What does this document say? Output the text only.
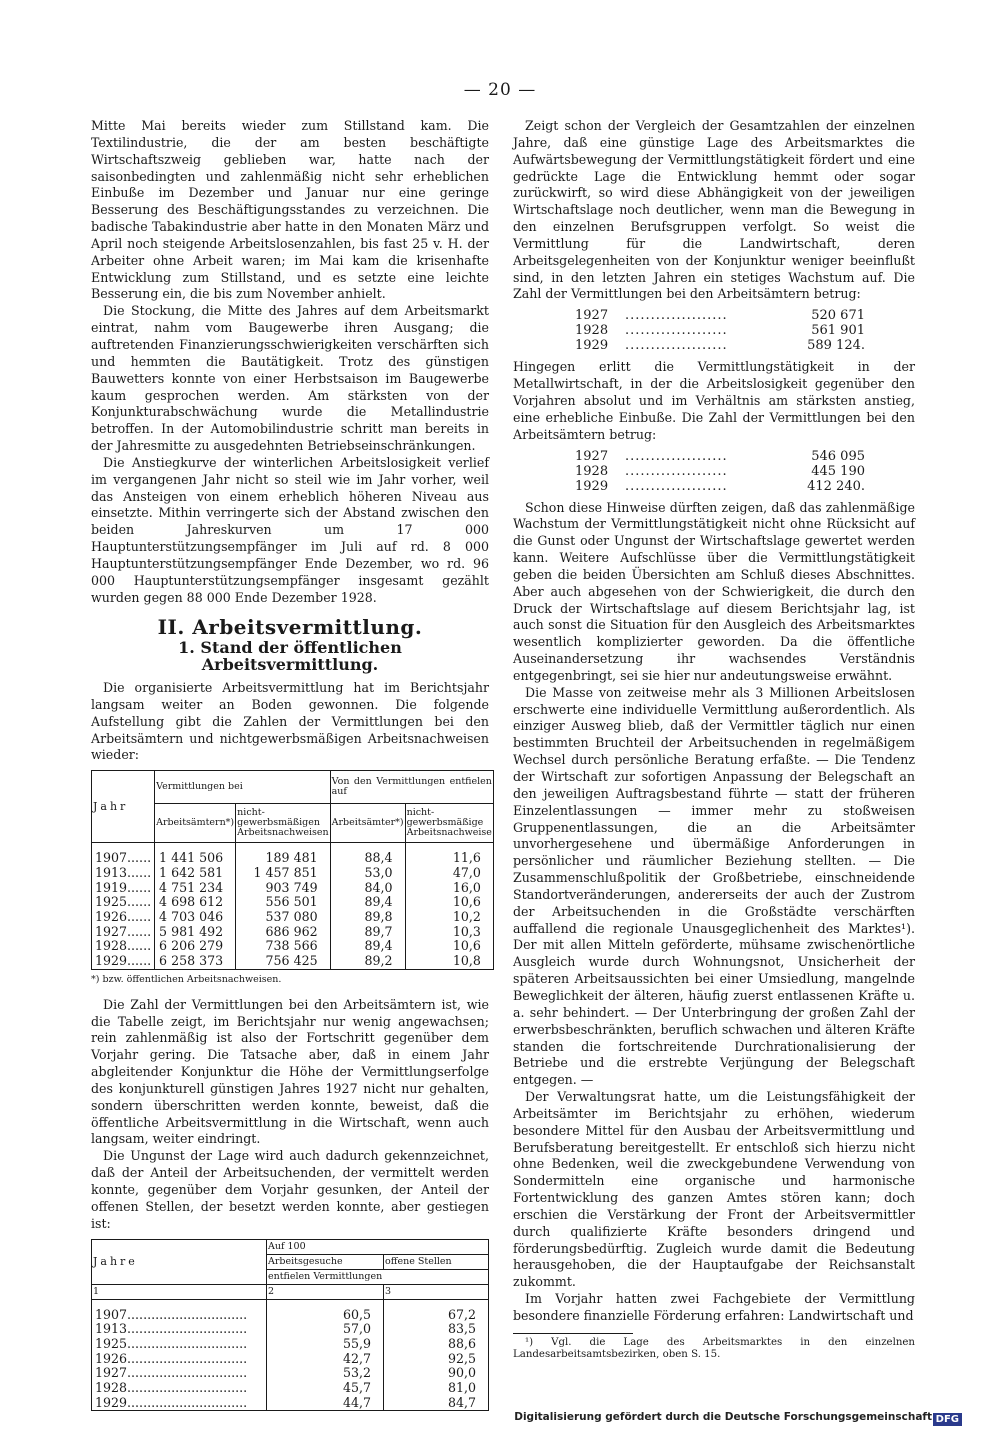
— 20 —

Mitte Mai bereits wieder zum Stillstand kam. Die Textilindustrie, die der am besten beschäftigte Wirtschaftszweig geblieben war, hatte nach der saisonbedingten und zahlenmäßig nicht sehr erheblichen Einbuße im Dezember und Januar nur eine geringe Besserung des Beschäftigungsstandes zu verzeichnen. Die badische Tabakindustrie aber hatte in den Monaten März und April noch steigende Arbeitslosenzahlen, bis fast 25 v. H. der Arbeiter ohne Arbeit waren; im Mai kam die krisenhafte Entwicklung zum Stillstand, und es setzte eine leichte Besserung ein, die bis zum November anhielt.

Die Stockung, die Mitte des Jahres auf dem Arbeitsmarkt eintrat, nahm vom Baugewerbe ihren Ausgang; die auftretenden Finanzierungsschwierigkeiten verschärften sich und hemmten die Bautätigkeit. Trotz des günstigen Bauwetters konnte von einer Herbstsaison im Baugewerbe kaum gesprochen werden. Am stärksten von der Konjunkturabschwächung wurde die Metallindustrie betroffen. In der Automobilindustrie schritt man bereits in der Jahresmitte zu ausgedehnten Betriebseinschränkungen.

Die Anstiegkurve der winterlichen Arbeitslosigkeit verlief im vergangenen Jahr nicht so steil wie im Jahr vorher, weil das Ansteigen von einem erheblich höheren Niveau aus einsetzte. Mithin verringerte sich der Abstand zwischen den beiden Jahreskurven um 17 000 Hauptunterstützungsempfänger im Juli auf rd. 8 000 Hauptunterstützungsempfänger Ende Dezember, wo rd. 96 000 Hauptunterstützungsempfänger insgesamt gezählt wurden gegen 88 000 Ende Dezember 1928.

II. Arbeitsvermittlung.
1. Stand der öffentlichen Arbeitsvermittlung.

Die organisierte Arbeitsvermittlung hat im Berichtsjahr langsam weiter an Boden gewonnen. Die folgende Aufstellung gibt die Zahlen der Vermittlungen bei den Arbeitsämtern und nichtgewerbsmäßigen Arbeitsnachweisen wieder:

Jahr	Vermittlungen bei		Von den Vermittlungen entfielen auf	
	Arbeitsämtern*)	nicht- gewerbsmäßigen Arbeitsnachweisen	Arbeitsämter*)	nicht- gewerbsmäßige Arbeitsnachweise
1907......	1 441 506	189 481	88,4	11,6
1913......	1 642 581	1 457 851	53,0	47,0
1919......	4 751 234	903 749	84,0	16,0
1925......	4 698 612	556 501	89,4	10,6
1926......	4 703 046	537 080	89,8	10,2
1927......	5 981 492	686 962	89,7	10,3
1928......	6 206 279	738 566	89,4	10,6
1929......	6 258 373	756 425	89,2	10,8
*) bzw. öffentlichen Arbeitsnachweisen.

Die Zahl der Vermittlungen bei den Arbeitsämtern ist, wie die Tabelle zeigt, im Berichtsjahr nur wenig angewachsen; rein zahlenmäßig ist also der Fortschritt gegenüber dem Vorjahr gering. Die Tatsache aber, daß in einem Jahr abgleitender Konjunktur die Höhe der Vermittlungserfolge des konjunkturell günstigen Jahres 1927 nicht nur gehalten, sondern überschritten werden konnte, beweist, daß die öffentliche Arbeitsvermittlung in die Wirtschaft, wenn auch langsam, weiter eindringt.

Die Ungunst der Lage wird auch dadurch gekennzeichnet, daß der Anteil der Arbeitsuchenden, der vermittelt werden konnte, gegenüber dem Vorjahr gesunken, der Anteil der offenen Stellen, der besetzt werden konnte, aber gestiegen ist:

Jahre	Auf 100	
	Arbeitsgesuche	offene Stellen
	entfielen Vermittlungen	
1	2	3
1907..............................	60,5	67,2
1913..............................	57,0	83,5
1925..............................	55,9	88,6
1926..............................	42,7	92,5
1927..............................	53,2	90,0
1928..............................	45,7	81,0
1929..............................	44,7	84,7

Zeigt schon der Vergleich der Gesamtzahlen der einzelnen Jahre, daß eine günstige Lage des Arbeitsmarktes die Aufwärtsbewegung der Vermittlungstätigkeit fördert und eine gedrückte Lage die Entwicklung hemmt oder sogar zurückwirft, so wird diese Abhängigkeit von der jeweiligen Wirtschaftslage noch deutlicher, wenn man die Bewegung in den einzelnen Berufsgruppen verfolgt. So weist die Vermittlung für die Landwirtschaft, deren Arbeitsgelegenheiten von der Konjunktur weniger beeinflußt sind, in den letzten Jahren ein stetiges Wachstum auf. Die Zahl der Vermittlungen bei den Arbeitsämtern betrug:

1927	....................	520 671
1928	....................	561 901
1929	....................	589 124.

Hingegen erlitt die Vermittlungstätigkeit in der Metallwirtschaft, in der die Arbeitslosigkeit gegenüber den Vorjahren absolut und im Verhältnis am stärksten anstieg, eine erhebliche Einbuße. Die Zahl der Vermittlungen bei den Arbeitsämtern betrug:

1927	....................	546 095
1928	....................	445 190
1929	....................	412 240.

Schon diese Hinweise dürften zeigen, daß das zahlenmäßige Wachstum der Vermittlungstätigkeit nicht ohne Rücksicht auf die Gunst oder Ungunst der Wirtschaftslage gewertet werden kann. Weitere Aufschlüsse über die Vermittlungstätigkeit geben die beiden Übersichten am Schluß dieses Abschnittes. Aber auch abgesehen von der Schwierigkeit, die durch den Druck der Wirtschaftslage auf diesem Berichtsjahr lag, ist auch sonst die Situation für den Ausgleich des Arbeitsmarktes wesentlich komplizierter geworden. Da die öffentliche Auseinandersetzung ihr wachsendes Verständnis entgegenbringt, sei sie hier nur andeutungsweise erwähnt.

Die Masse von zeitweise mehr als 3 Millionen Arbeitslosen erschwerte eine individuelle Vermittlung außerordentlich. Als einziger Ausweg blieb, daß der Vermittler täglich nur einen bestimmten Bruchteil der Arbeitsuchenden in regelmäßigem Wechsel durch persönliche Beratung erfaßte. — Die Tendenz der Wirtschaft zur sofortigen Anpassung der Belegschaft an den jeweiligen Auftragsbestand führte — statt der früheren Einzelentlassungen — immer mehr zu stoßweisen Gruppenentlassungen, die an die Arbeitsämter unvorhergesehene und übermäßige Anforderungen in persönlicher und räumlicher Beziehung stellten. — Die Zusammenschlußpolitik der Großbetriebe, einschneidende Standortveränderungen, andererseits der auch der Zustrom der Arbeitsuchenden in die Großstädte verschärften auffallend die regionale Unausgeglichenheit des Marktes¹). Der mit allen Mitteln geförderte, mühsame zwischenörtliche Ausgleich wurde durch Wohnungsnot, Unsicherheit der späteren Arbeitsaussichten bei einer Umsiedlung, mangelnde Beweglichkeit der älteren, häufig zuerst entlassenen Kräfte u. a. sehr behindert. — Der Unterbringung der großen Zahl der erwerbsbeschränkten, beruflich schwachen und älteren Kräfte standen die fortschreitende Durchrationalisierung der Betriebe und die erstrebte Verjüngung der Belegschaft entgegen. —

Der Verwaltungsrat hatte, um die Leistungsfähigkeit der Arbeitsämter im Berichtsjahr zu erhöhen, wiederum besondere Mittel für den Ausbau der Arbeitsvermittlung und Berufsberatung bereitgestellt. Er entschloß sich hierzu nicht ohne Bedenken, weil die zweckgebundene Verwendung von Sondermitteln eine organische und harmonische Fortentwicklung des ganzen Amtes stören kann; doch erschien die Verstärkung der Front der Arbeitsvermittler durch qualifizierte Kräfte besonders dringend und förderungsbedürftig. Zugleich wurde damit die Bedeutung herausgehoben, die der Hauptaufgabe der Reichsanstalt zukommt.

Im Vorjahr hatten zwei Fachgebiete der Vermittlung besondere finanzielle Förderung erfahren: Landwirtschaft und

¹) Vgl. die Lage des Arbeitsmarktes in den einzelnen Landesarbeitsamtsbezirken, oben S. 15.

Digitalisierung gefördert durch die Deutsche Forschungsgemeinschaft DFG
